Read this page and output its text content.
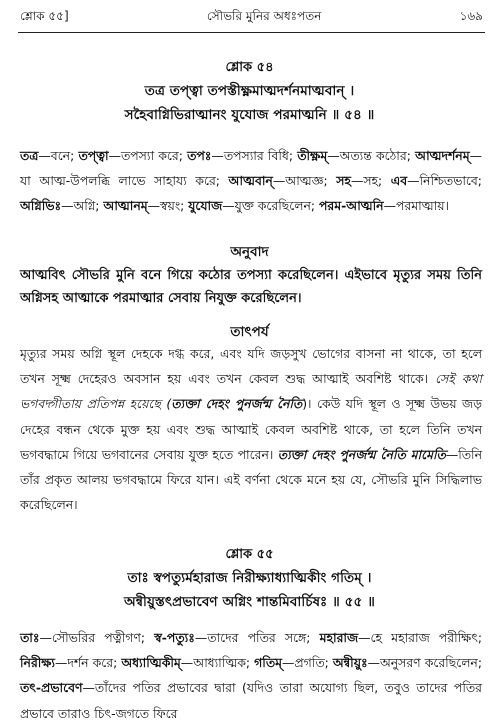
শ্লোক ৫৫]	সৌভরি মুনির অধঃপতন	১৬৯
শ্লোক ৫৪
তত্র তপ্ত্বা তপস্তীক্ষ্ণমাত্মদর্শনমাত্মবান্ ।
সহৈবাগ্নিভিরাত্মানং যুযোজ পরমাত্মনি ॥ ৫৪ ॥
তত্র—বনে; তপ্ত্বা—তপস্যা করে; তপঃ—তপস্যার বিধি; তীক্ষ্ণম্—অত্যন্ত কঠোর; আত্মদর্শনম্—যা আত্ম-উপলব্ধি লাভে সাহায্য করে; আত্মবান্—আত্মজ্ঞ; সহ—সহ; এব—নিশ্চিতভাবে; অগ্নিভিঃ—অগ্নি; আত্মানম্—স্বয়ং; যুযোজ—যুক্ত করেছিলেন; পরম-আত্মনি—পরমাত্মায়।
অনুবাদ
আত্মবিৎ সৌভরি মুনি বনে গিয়ে কঠোর তপস্যা করেছিলেন। এইভাবে মৃত্যুর সময় তিনি অগ্নিসহ আত্মাকে পরমাত্মার সেবায় নিযুক্ত করেছিলেন।
তাৎপর্য
মৃত্যুর সময় অগ্নি স্থূল দেহকে দগ্ধ করে, এবং যদি জড়সুখ ভোগের বাসনা না থাকে, তা হলে তখন সূক্ষ্ম দেহেরও অবসান হয় এবং তখন কেবল শুদ্ধ আত্মাই অবশিষ্ট থাকে। সেই কথা ভগবদ্গীতায় প্রতিপন্ন হয়েছে (ত্যক্তা দেহং পুনর্জন্ম নৈতি)। কেউ যদি স্থূল ও সূক্ষ্ম উভয় জড় দেহের বন্ধন থেকে মুক্ত হয় এবং শুদ্ধ আত্মাই কেবল অবশিষ্ট থাকে, তা হলে তিনি তখন ভগবদ্ধামে গিয়ে ভগবানের সেবায় যুক্ত হতে পারেন। ত্যক্তা দেহং পুনর্জন্ম নৈতি মামেতি—তিনি তাঁর প্রকৃত আলয় ভগবদ্ধামে ফিরে যান। এই বর্ণনা থেকে মনে হয় যে, সৌভরি মুনি সিদ্ধিলাভ করেছিলেন।
শ্লোক ৫৫
তাঃ স্বপত্যুর্মহারাজ নিরীক্ষ্যাধ্যাত্মিকীং গতিম্ ।
অন্বীয়ুস্তৎপ্রভাবেণ অগ্নিং শান্তমিবার্চিষঃ ॥ ৫৫ ॥
তাঃ—সৌভরির পত্নীগণ; স্ব-পত্যুঃ—তাদের পতির সঙ্গে; মহারাজ—হে মহারাজ পরীক্ষিৎ; নিরীক্ষ্য—দর্শন করে; অধ্যাত্মিকীম্—আধ্যাত্মিক; গতিম্—প্রগতি; অন্বীয়ুঃ—অনুসরণ করেছিলেন; তৎ-প্রভাবেণ—তাঁদের পতির প্রভাবের দ্বারা (যদিও তারা অযোগ্য ছিল, তবুও তাদের পতির প্রভাবে তারাও চিৎ-জগতে ফিরে
